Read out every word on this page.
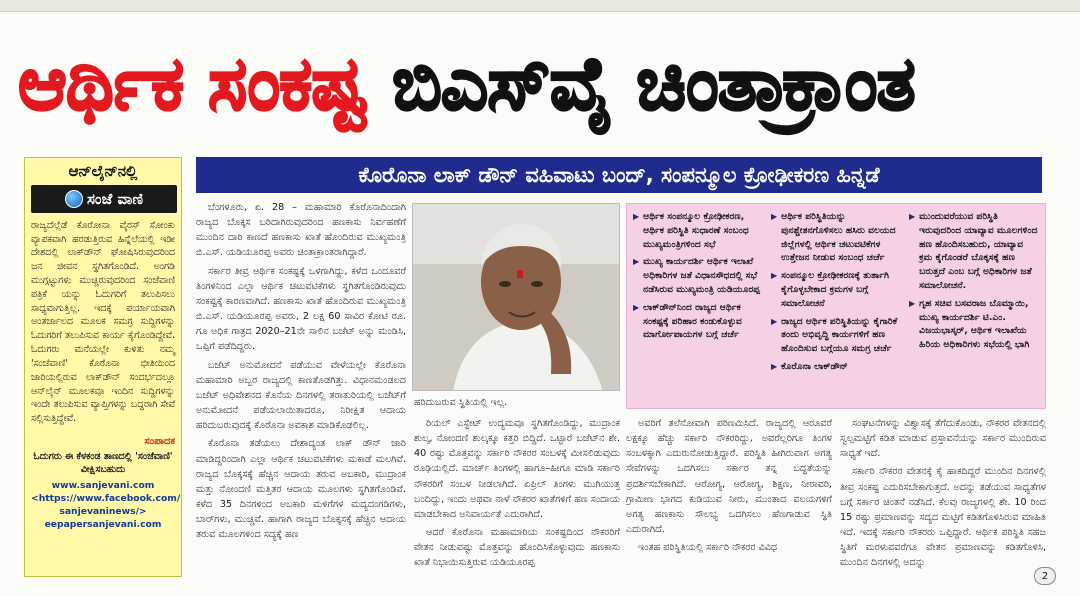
ಆರ್ಥಿಕ ಸಂಕಷ್ಟ ಬಿಎಸ್‌ವೈ ಚಿಂತಾಕ್ರಾಂತ
ಆನ್‌ಲೈನ್‌ನಲ್ಲಿ
ಸಂಜೆ ವಾಣಿ
ರಾಜ್ಯದೆಲ್ಲೆಡೆ ಕೊರೋನಾ ವೈರಸ್ ಸೋಂಕು ವ್ಯಾಪಕವಾಗಿ ಹರಡುತ್ತಿರುವ ಹಿನ್ನೆಲೆಯಲ್ಲಿ ಇಡೀ ದೇಶದಲ್ಲಿ ಲಾಕ್‌ಡೌನ್ ಘೋಷಿಸಿರುವುದರಿಂದ ಜನ ಜೀವನ ಸ್ಥಗಿತಗೊಂಡಿದೆ. ಅಂಗಡಿ ಮುಗ್ಗಟ್ಟುಗಳು ಮುಚ್ಚಿರುವುದರಿಂದ ಸಂಜೆವಾಣಿ ಪತ್ರಿಕೆ ಯನ್ನು ಓದುಗರಿಗೆ ತಲುಪಿಸಲು ಸಾಧ್ಯವಾಗುತ್ತಿಲ್ಲ. ಇದಕ್ಕೆ ಪರ್ಯಾಯವಾಗಿ ಅಂತರ್ಜಾಲದ ಮೂಲಕ ಸಮಗ್ರ ಸುದ್ದಿಗಳನ್ನು ಓದುಗರಿಗೆ ತಲುಪಿಸುವ ಕಾರ್ಯ ಕೈಗೊಂಡಿದ್ದೇವೆ. ಓದುಗರು ಮನೆಯಲ್ಲೇ ಕುಳಿತು ನಮ್ಮ 'ಸಂಜೆವಾಣಿ' ಕೊರೊನಾ ಭೀತಿಯಿಂದ ಜಾರಿಯಲ್ಲಿರುವ ಲಾಕ್‌ಡೌನ್ ಸಂದರ್ಭದಲ್ಲೂ ಆನ್‌ಲೈನ್ ಮೂಲಕವೂ ಇಂದಿನ ಸುದ್ದಿಗಳನ್ನು ಇಂದೇ ತಲುಪಿಸುವ ವ್ಯಾಪ್ತಿಗಳನ್ನು ಬದ್ಧರಾಗಿ ಸೇವೆ ಸಲ್ಲಿಸುತ್ತಿದ್ದೇವೆ.
ಸಂಪಾದಕ
ಓದುಗರು ಈ ಕೆಳಕಂಡ ತಾಣದಲ್ಲಿ 'ಸಂಜೆವಾಣಿ' ವೀಕ್ಷಿಸಬಹುದು
www.sanjevani.com
<https://www.facebook.com/
sanjevaninews/>
eepapersanjevani.com
ಕೊರೊನಾ ಲಾಕ್ ಡೌನ್ ವಹಿವಾಟು ಬಂದ್, ಸಂಪನ್ಮೂಲ ಕ್ರೋಢೀಕರಣ ಹಿನ್ನಡೆ

ಬೆಂಗಳೂರು, ಏ. 28 – ಮಹಾಮಾರಿ ಕೊರೊನಾದಿಂದಾಗಿ ರಾಜ್ಯದ ಬೊಕ್ಕಸ ಬರಿದಾಗಿರುವುದರಿಂದ ಹಣಕಾಸು ನಿರ್ವಹಣೆಗೆ ಮುಂದಿನ ದಾರಿ ಕಾಣದೆ ಹಣಕಾಸು ಖಾತೆ ಹೊಂದಿರುವ ಮುಖ್ಯಮಂತ್ರಿ ಬಿ.ಎಸ್. ಯಡಿಯೂರಪ್ಪ ಅವರು ಚಿಂತಾಕ್ರಾಂತರಾಗಿದ್ದಾರೆ.

ಸರ್ಕಾರ ತೀವ್ರ ಆರ್ಥಿಕ ಸಂಕಷ್ಟಕ್ಕೆ ಒಳಗಾಗಿದ್ದು, ಕಳೆದ ಒಂದೂವರೆ ತಿಂಗಳಿನಿಂದ ಎಲ್ಲಾ ಆರ್ಥಿಕ ಚಟುವಟಿಕೆಗಳು ಸ್ಥಗಿತಗೊಂಡಿರುವುದು ಸಂಕಷ್ಟಕ್ಕೆ ಕಾರಣವಾಗಿದೆ. ಹಣಕಾಸು ಖಾತೆ ಹೊಂದಿರುವ ಮುಖ್ಯಮಂತ್ರಿ ಬಿ.ಎಸ್. ಯಡಿಯೂರಪ್ಪ ಅವರು, 2 ಲಕ್ಷ 60 ಸಾವಿರ ಕೋಟಿ ರೂ. ಗೂ ಅಧಿಕ ಗಾತ್ರದ 2020–21ನೇ ಸಾಲಿನ ಬಜೆಟ್ ಅನ್ನು ಮಂಡಿಸಿ, ಒಪ್ಪಿಗೆ ಪಡೆದಿದ್ದರು.

ಬಜೆಟ್ ಅನುಮೋದನೆ ಪಡೆಯುವ ವೇಳೆಯಲ್ಲೇ ಕೊರೊನಾ ಮಹಾಮಾರಿ ಅಬ್ಬರ ರಾಜ್ಯದಲ್ಲಿ ಕಾಣತೊಡಗಿತ್ತು. ವಿಧಾನಮಂಡಲದ ಬಜೆಟ್ ಅಧಿವೇಶನದ ಕೊನೆಯ ದಿನಗಳಲ್ಲಿ ತರಾತುರಿಯಲ್ಲಿ ಬಜೆಟ್‌ಗೆ ಅನುಮೋದನೆ ಪಡೆಯಲಾಯಿತಾದರೂ, ನಿರೀಕ್ಷಿತ ಆದಾಯ ಹರಿದುಬರುವುದಕ್ಕೆ ಕೊರೊನಾ ಅವಕಾಶ ಮಾಡಿಕೊಡಲಿಲ್ಲ.

ಕೊರೊನಾ ತಡೆಯಲು ದೇಶಾದ್ಯಂತ ಲಾಕ್‌ ಡೌನ್ ಜಾರಿ ಮಾಡಿದ್ದರಿಂದಾಗಿ ಎಲ್ಲಾ ಆರ್ಥಿಕ ಚಟುವಟಿಕೆಗಳು ಮಕಾಡೆ ಮಲಗಿವೆ. ರಾಜ್ಯದ ಬೊಕ್ಕಸಕ್ಕೆ ಹೆಚ್ಚಿನ ಆದಾಯ ತರುವ ಅಬಕಾರಿ, ಮುದ್ರಾಂಕ ಮತ್ತು ನೋಂದಣಿ ಮತ್ತಿತರ ಆದಾಯ ಮೂಲಗಳು ಸ್ಥಗಿತಗೊಂಡಿವೆ. ಕಳೆದ 35 ದಿನಗಳಿಂದ ಅಬಕಾರಿ ಮಳಿಗೆಗಳ ಮದ್ಯದಂಗಡಿಗಳು, ಬಾರ್‌ಗಳು, ಮುಚ್ಚಿವೆ. ಹಾಗಾಗಿ ರಾಜ್ಯದ ಬೊಕ್ಕಸಕ್ಕೆ ಹೆಚ್ಚಿನ ಆದಾಯ ತರುವ ಮೂಲಗಳಿಂದ ಸದ್ಯಕ್ಕೆ ಹಣ

ಹರಿದುಬರುವ ಸ್ಥಿತಿಯಲ್ಲಿ ಇಲ್ಲ.
▶ ಆರ್ಥಿಕ ಸಂಪನ್ಮೂಲ ಕ್ರೋಢೀಕರಣ, ಆರ್ಥಿಕ ಪರಿಸ್ಥಿತಿ ಸುಧಾರಣೆ ಸಂಬಂಧ ಮುಖ್ಯಮಂತ್ರಿಗಳಿಂದ ಸಭೆ
▶ ಮುಖ್ಯ ಕಾರ್ಯದರ್ಶಿ ಆರ್ಥಿಕ ಇಲಾಖೆ ಅಧಿಕಾರಿಗಳ ಜತೆ ವಿಧಾನಸೌಧದಲ್ಲಿ ಸಭೆ ನಡೆಸಿರುವ ಮುಖ್ಯಮಂತ್ರಿ ಯಡಿಯೂರಪ್ಪ
▶ ಲಾಕ್‌ಡೌನ್‌ನಿಂದ ರಾಜ್ಯದ ಆರ್ಥಿಕ ಸಂಕಷ್ಟಕ್ಕೆ ಪರಿಹಾರ ಕಂಡುಕೊಳ್ಳುವ ಮಾರ್ಗೋಪಾಯಗಳ ಬಗ್ಗೆ ಚರ್ಚೆ
▶ ಆರ್ಥಿಕ ಪರಿಸ್ಥಿತಿಯನ್ನು ಪುನಶ್ಚೇತನಗೊಳಿಸಲು ಹಸಿರು ವಲಯದ ಜಿಲ್ಲೆಗಳಲ್ಲಿ ಆರ್ಥಿಕ ಚಟುವಟಿಕೆಗಳ ಉತ್ತೇಜನ ನೀಡುವ ಸಂಬಂಧ ಚರ್ಚೆ
▶ ಸಂಪನ್ಮೂಲ ಕ್ರೋಢೀಕರಣಕ್ಕೆ ತುರ್ತಾಗಿ ಕೈಗೊಳ್ಳಬೇಕಾದ ಕ್ರಮಗಳ ಬಗ್ಗೆ ಸಮಾಲೋಚನೆ
▶ ರಾಜ್ಯದ ಆರ್ಥಿಕ ಪರಿಸ್ಥಿತಿಯನ್ನು ಕೈಗಾರಿಕೆ ತಂದು ಅಭಿವೃದ್ಧಿ ಕಾರ್ಯಗಳಿಗೆ ಹಣ ಹೊಂದಿಸುವ ಬಗ್ಗೆಯೂ ಸಮಗ್ರ ಚರ್ಚೆ
▶ ಕೊರೊನಾ ಲಾಕ್‌ಡೌನ್
▶ ಮುಂದುವರೆಯುವ ಪರಿಸ್ಥಿತಿ ಇರುವುದರಿಂದ ಯಾವ್ಯಾವ ಮೂಲಗಳಿಂದ ಹಣ ಹೊಂದಿಸಬಹುದು, ಯಾವ್ಯಾವ ಕ್ರಮ ಕೈಗೊಂಡರೆ ಬೊಕ್ಕಸಕ್ಕೆ ಹಣ ಬರುತ್ತದೆ ಎಂಬ ಬಗ್ಗೆ ಅಧಿಕಾರಿಗಳ ಜತೆ ಸಮಾಲೋಚನೆ.
▶ ಗೃಹ ಸಚಿವ ಬಸವರಾಜ ಬೊಮ್ಮಾಯಿ, ಮುಖ್ಯ ಕಾರ್ಯದರ್ಶಿ ಟಿ.ಎಂ. ವಿಜಯಭಾಸ್ಕರ್, ಆರ್ಥಿಕ ಇಲಾಖೆಯ ಹಿರಿಯ ಅಧಿಕಾರಿಗಳು ಸಭೆಯಲ್ಲಿ ಭಾಗಿ

ರಿಯಲ್ ಎಸ್ಟೇಟ್ ಉದ್ಯಮವೂ ಸ್ಥಗಿತಗೊಂಡಿದ್ದು, ಮುದ್ರಾಂಕ ಶುಲ್ಕ, ನೋಂದಣಿ ಶುಲ್ಕಕ್ಕೂ ಕತ್ತರಿ ಬಿದ್ದಿದೆ. ಒಟ್ಟಾರೆ ಬಜೆಟ್‌ನ ಶೇ. 40 ರಷ್ಟು ಮೊತ್ತವನ್ನು ಸರ್ಕಾರಿ ನೌಕರರ ಸಂಬಳಕ್ಕೆ ಮೀಸಲಿಡುವುದು ರೂಢಿಯಲ್ಲಿದೆ. ಮಾರ್ಚ್ ತಿಂಗಳಲ್ಲಿ ಹಾಗೂ–ಹೀಗೂ ಮಾಡಿ ಸರ್ಕಾರಿ ನೌಕರರಿಗೆ ಸಂಬಳ ನೀಡಲಾಗಿದೆ. ಏಪ್ರಿಲ್ ತಿಂಗಳು ಮುಗಿಯುತ್ತ ಬಂದಿದ್ದು, ಇಂದು ಅಥವಾ ನಾಳೆ ನೌಕರರ ಖಾತೆಗಳಿಗೆ ಹಣ ಸಂದಾಯ ಮಾಡಬೇಕಾದ ಅನಿವಾರ್ಯತೆ ಎದುರಾಗಿದೆ.

ಆದರೆ ಕೊರೊನಾ ಮಹಾಮಾರಿಯ ಸಂಕಷ್ಟದಿಂದ ನೌಕರರಿಗೆ ವೇತನ ನೀಡುವಷ್ಟು ಮೊತ್ತವನ್ನು ಹೊಂದಿಸಿಕೊಳ್ಳುವುದು ಹಣಕಾಸು ಖಾತೆ ನಿಭಾಯಿಸುತ್ತಿರುವ ಯಡಿಯೂರಪ್ಪ

ಅವರಿಗೆ ತಲೆನೋವಾಗಿ ಪರಿಣಮಿಸಿದೆ. ರಾಜ್ಯದಲ್ಲಿ ಆರೂವರೆ ಲಕ್ಷಕ್ಕೂ ಹೆಚ್ಚು ಸರ್ಕಾರಿ ನೌಕರರಿದ್ದು, ಅವರೆಲ್ಲರಿಗೂ ತಿಂಗಳ ಸಂಬಳಕ್ಕಾಗಿ ಎದುರುನೋಡುತ್ತಿದ್ದಾರೆ. ಪರಿಸ್ಥಿತಿ ಹೀಗಿರುವಾಗ ಅಗತ್ಯ ಸೇವೆಗಳನ್ನು ಒದಗಿಸಲು ಸರ್ಕಾರ ತನ್ನ ಬದ್ಧತೆಯನ್ನು ಪ್ರದರ್ಶಿಸಬೇಕಾಗಿದೆ. ಆರೋಗ್ಯ, ಆರೋಗ್ಯ, ಶಿಕ್ಷಣ, ನೀರಾವರಿ, ಗ್ರಾಮೀಣ ಭಾಗದ ಕುಡಿಯುವ ನೀರು, ಮುಂತಾದ ವಲಯಗಳಿಗೆ ಅಗತ್ಯ ಹಣಕಾಸು ಸೌಲಭ್ಯ ಒದಗಿಸಲು ಹೆಣಗಾಡುವ ಸ್ಥಿತಿ ಎದುರಾಗಿದೆ.

ಇಂತಹ ಪರಿಸ್ಥಿತಿಯಲ್ಲಿ ಸರ್ಕಾರಿ ನೌಕರರ ವಿವಿಧ

ಸಂಘಟನೆಗಳನ್ನು ವಿಶ್ವಾಸಕ್ಕೆ ತೆಗೆದುಕೊಂಡು, ನೌಕರರ ವೇತನದಲ್ಲಿ ಸ್ವಲ್ಪಮಟ್ಟಿಗೆ ಕಡಿತ ಮಾಡುವ ಪ್ರಸ್ತಾವನೆಯನ್ನು ಸರ್ಕಾರ ಮುಂದಿರುವ ಸಾಧ್ಯತೆ ಇದೆ.

ಸರ್ಕಾರಿ ನೌಕರರ ವೇತನಕ್ಕೆ ಕೈ ಹಾಕದಿದ್ದರೆ ಮುಂದಿನ ದಿನಗಳಲ್ಲಿ ತೀವ್ರ ಸಂಕಷ್ಟ ಎದುರಿಸಬೇಕಾಗುತ್ತದೆ. ಅದನ್ನು ತಡೆಯುವ ಸಾಧ್ಯತೆಗಳ ಬಗ್ಗೆ ಸರ್ಕಾರ ಚಿಂತನೆ ನಡೆಸಿದೆ. ಕೆಲವು ರಾಜ್ಯಗಳಲ್ಲಿ ಶೇ. 10 ರಿಂದ 15 ರಷ್ಟು ಪ್ರಮಾಣವನ್ನು ಸದ್ಯದ ಮಟ್ಟಿಗೆ ಕಡಿತಗೊಳಿಸಿರುವ ಮಾಹಿತಿ ಇದೆ. ಇದಕ್ಕೆ ಸರ್ಕಾರಿ ನೌಕರರು ಒಪ್ಪಿದ್ದಾರೆ. ಆರ್ಥಿಕ ಪರಿಸ್ಥಿತಿ ಸಹಜ ಸ್ಥಿತಿಗೆ ಮರಳುವವರೆಗೂ ವೇತನ ಪ್ರಮಾಣವನ್ನು ಕಡಿತಗೊಳಿಸಿ, ಮುಂದಿನ ದಿನಗಳಲ್ಲಿ ಅದನ್ನು

2
